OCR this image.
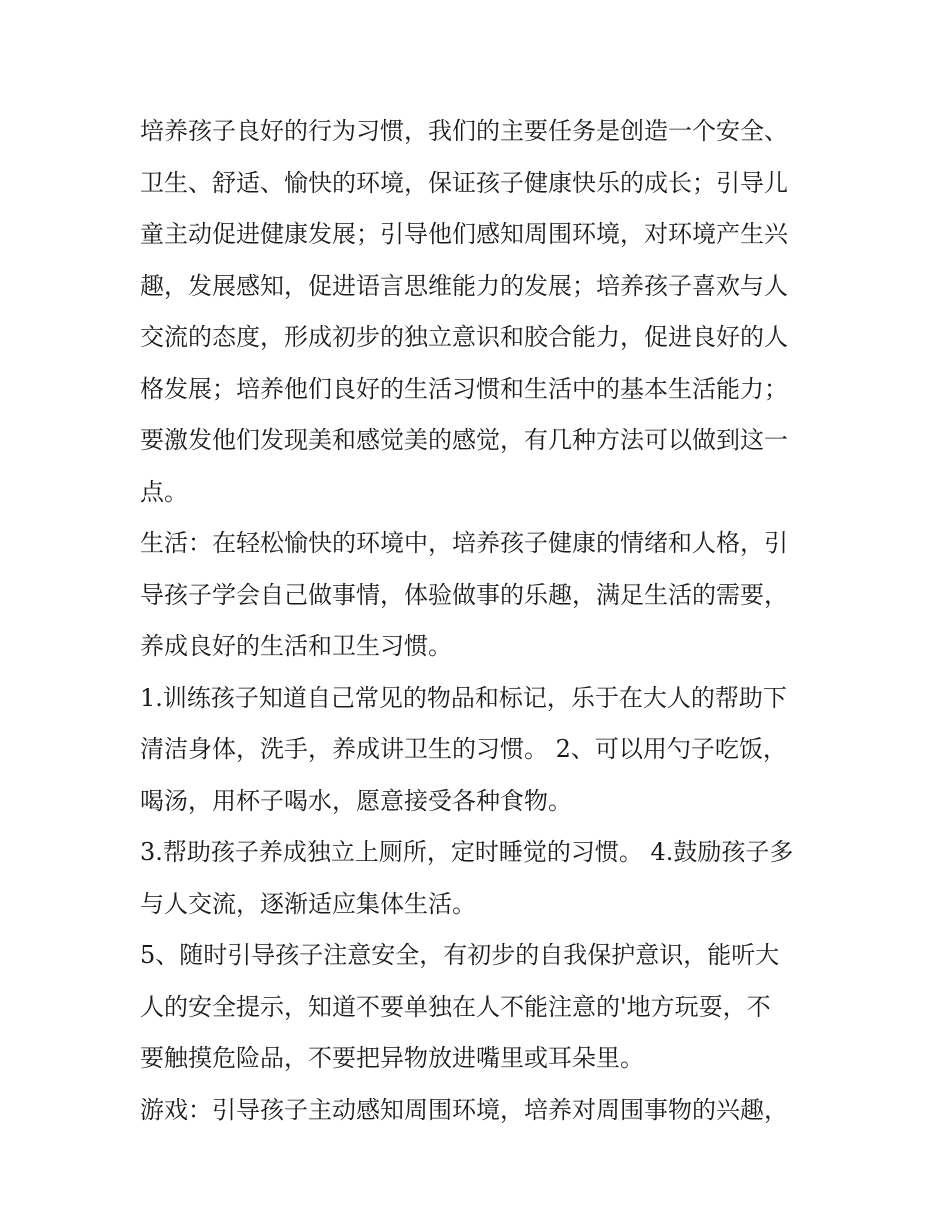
培养孩子良好的行为习惯，我们的主要任务是创造一个安全、
卫生、舒适、愉快的环境，保证孩子健康快乐的成长；引导儿
童主动促进健康发展；引导他们感知周围环境，对环境产生兴
趣，发展感知，促进语言思维能力的发展；培养孩子喜欢与人
交流的态度，形成初步的独立意识和胶合能力，促进良好的人
格发展；培养他们良好的生活习惯和生活中的基本生活能力；
要激发他们发现美和感觉美的感觉，有几种方法可以做到这一
点。

生活：在轻松愉快的环境中，培养孩子健康的情绪和人格，引
导孩子学会自己做事情，体验做事的乐趣，满足生活的需要，
养成良好的生活和卫生习惯。

1.训练孩子知道自己常见的物品和标记，乐于在大人的帮助下
清洁身体，洗手，养成讲卫生的习惯。 2、可以用勺子吃饭，
喝汤，用杯子喝水，愿意接受各种食物。

3.帮助孩子养成独立上厕所，定时睡觉的习惯。 4.鼓励孩子多
与人交流，逐渐适应集体生活。

5、随时引导孩子注意安全，有初步的自我保护意识，能听大
人的安全提示，知道不要单独在人不能注意的'地方玩耍，不
要触摸危险品，不要把异物放进嘴里或耳朵里。

游戏：引导孩子主动感知周围环境，培养对周围事物的兴趣，
